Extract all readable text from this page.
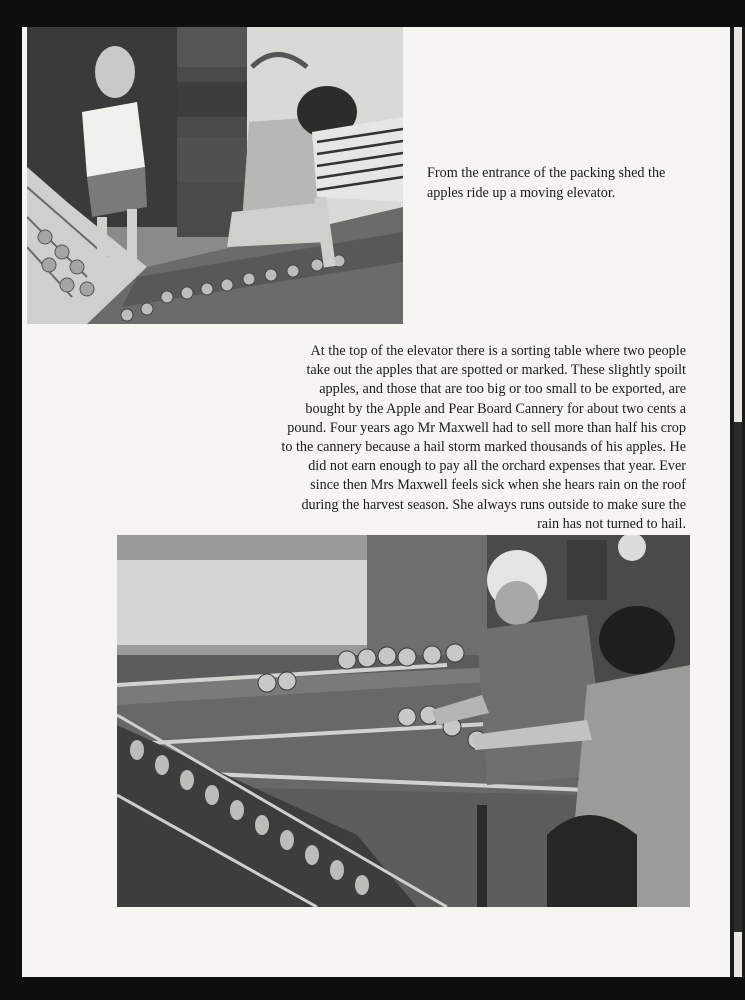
From the entrance of the packing shed the apples ride up a moving elevator.

At the top of the elevator there is a sorting table where two people
take out the apples that are spotted or marked. These slightly spoilt
apples, and those that are too big or too small to be exported, are
bought by the Apple and Pear Board Cannery for about two cents a
pound. Four years ago Mr Maxwell had to sell more than half his crop
to the cannery because a hail storm marked thousands of his apples. He
did not earn enough to pay all the orchard expenses that year. Ever
since then Mrs Maxwell feels sick when she hears rain on the roof
during the harvest season. She always runs outside to make sure the
rain has not turned to hail.
